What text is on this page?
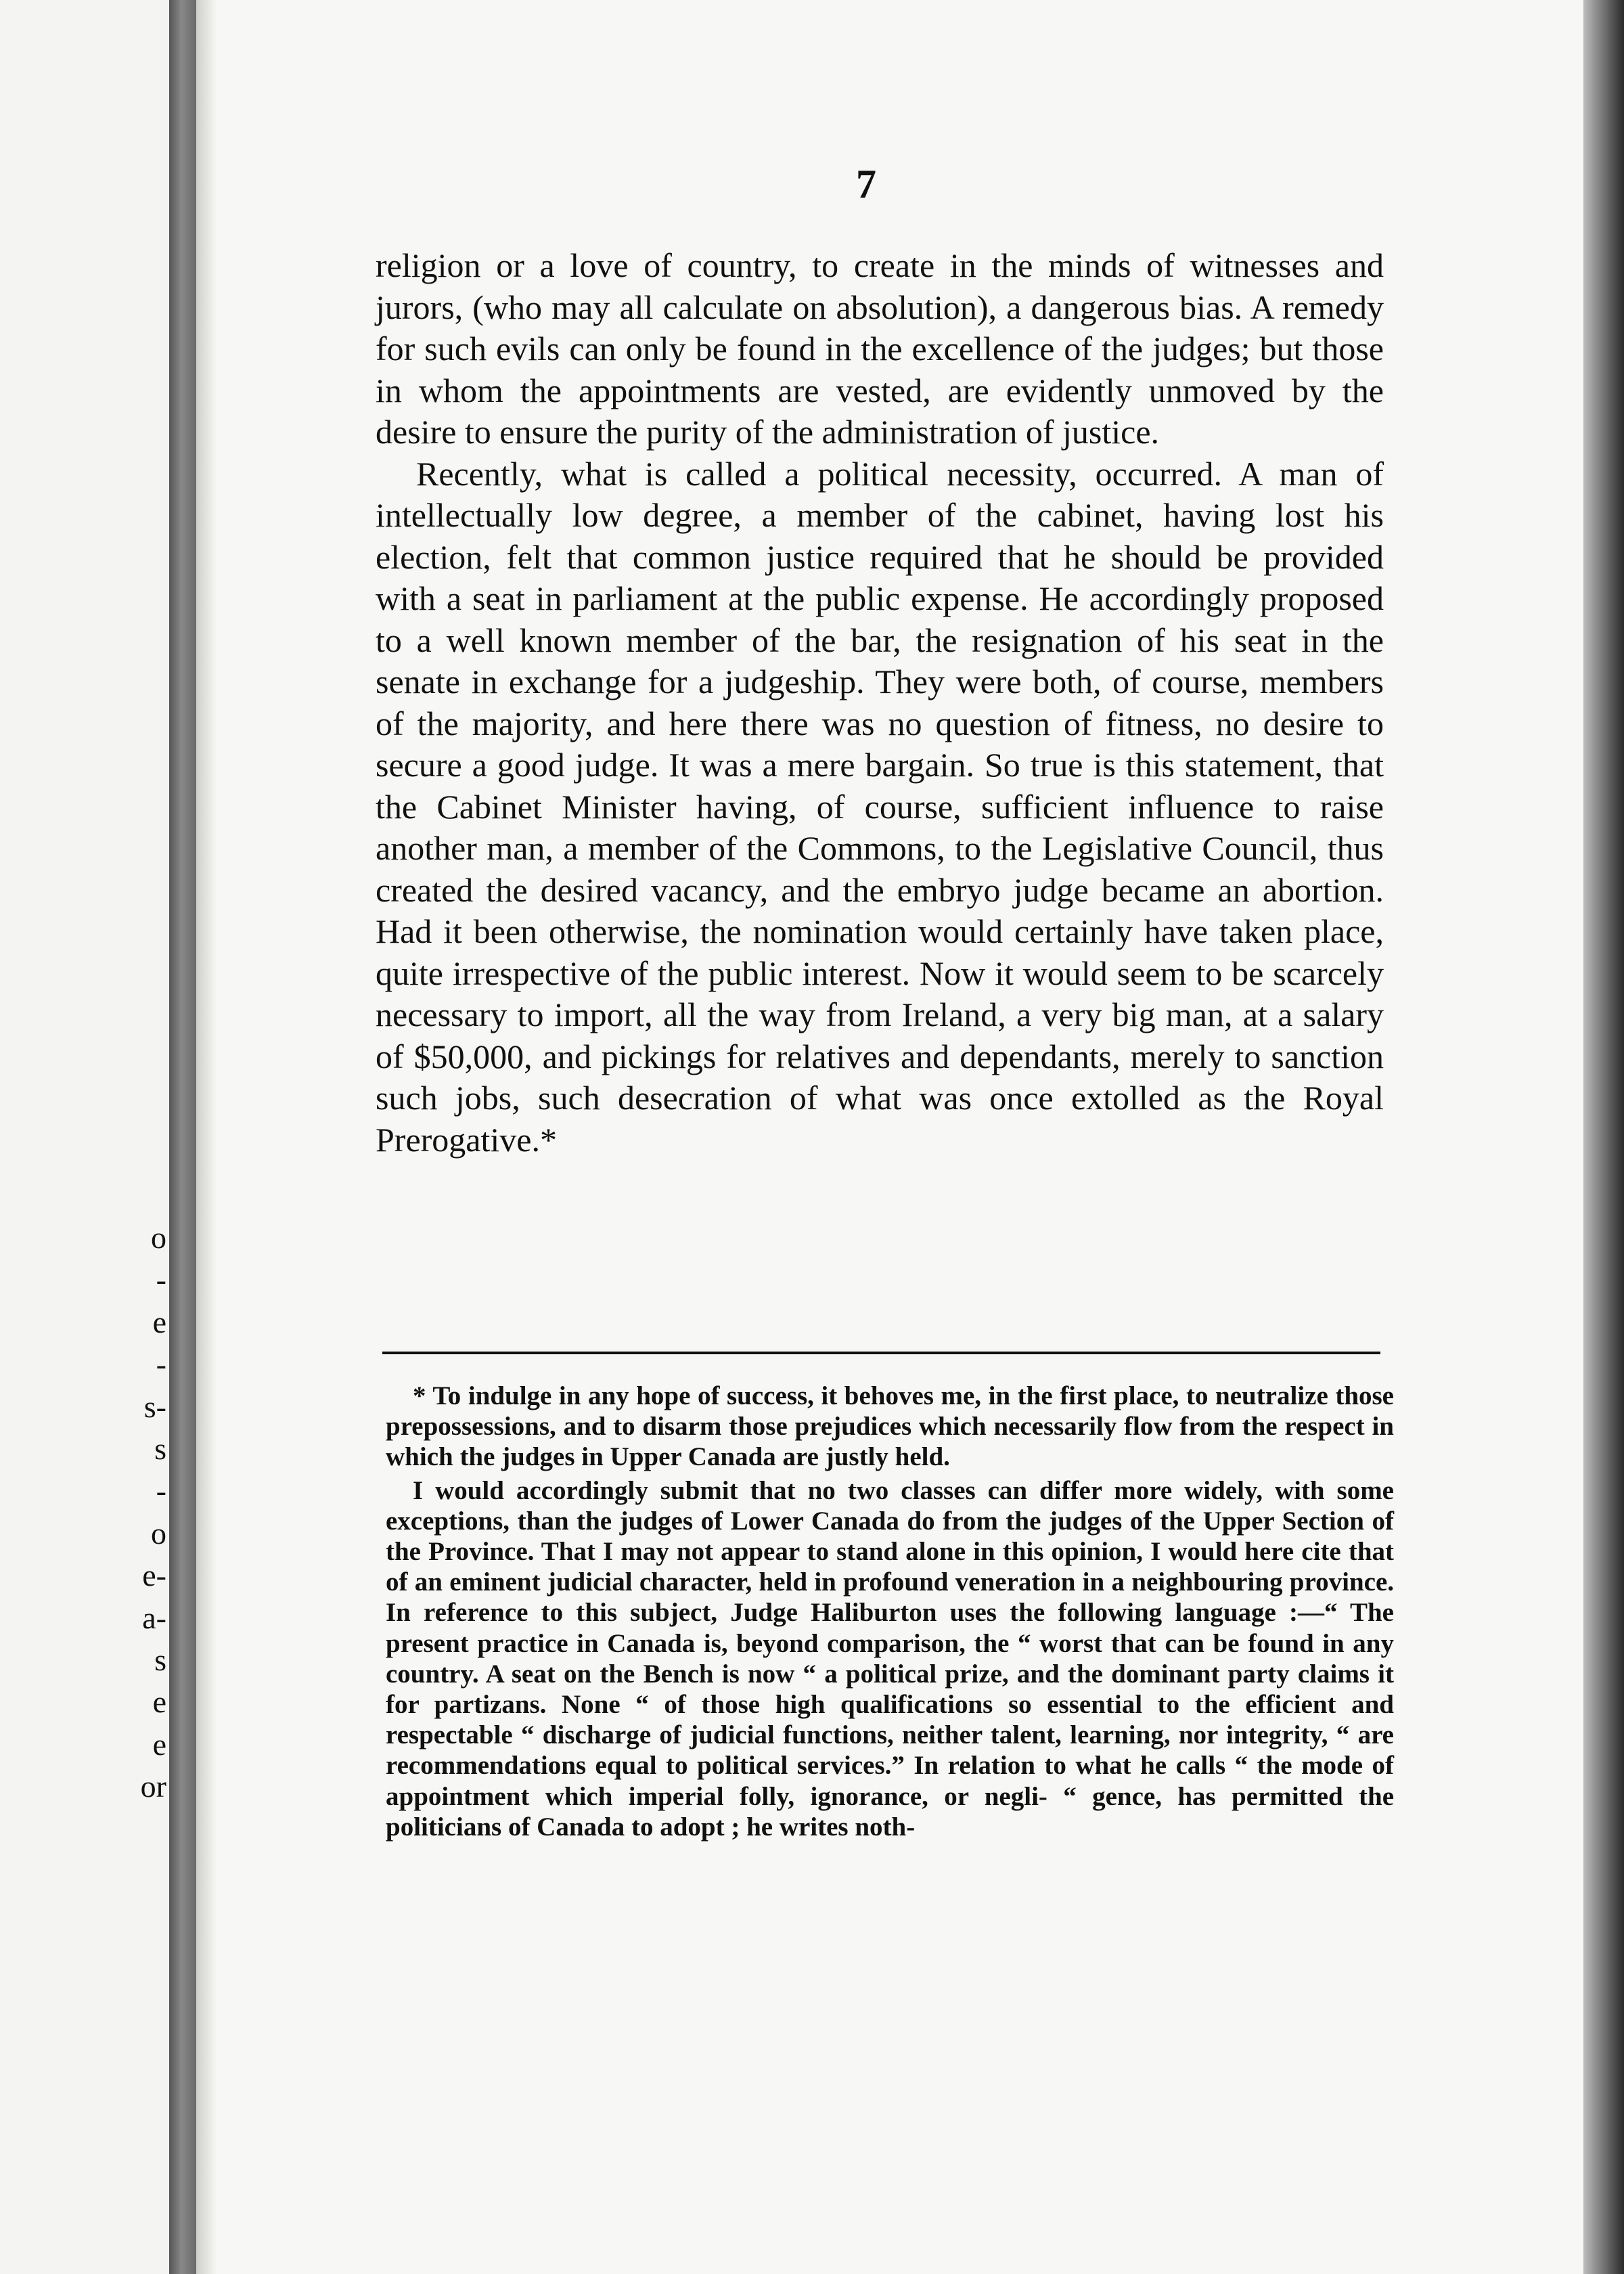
o
-
e
-
s-
s
-
o
e-
a-
s
e
e
or
7

religion or a love of country, to create in the minds of witnesses and jurors, (who may all calculate on absolution), a dangerous bias. A remedy for such evils can only be found in the excellence of the judges; but those in whom the appointments are vested, are evidently unmoved by the desire to ensure the purity of the administration of justice.

Recently, what is called a political necessity, occurred. A man of intellectually low degree, a member of the cabinet, having lost his election, felt that common justice required that he should be provided with a seat in parliament at the public expense. He accordingly proposed to a well known member of the bar, the resignation of his seat in the senate in exchange for a judgeship. They were both, of course, members of the majority, and here there was no question of fitness, no desire to secure a good judge. It was a mere bargain. So true is this statement, that the Cabinet Minister having, of course, sufficient influence to raise another man, a member of the Commons, to the Legislative Council, thus created the desired vacancy, and the embryo judge became an abortion. Had it been otherwise, the nomination would certainly have taken place, quite irrespective of the public interest. Now it would seem to be scarcely necessary to import, all the way from Ireland, a very big man, at a salary of $50,000, and pickings for relatives and dependants, merely to sanction such jobs, such desecration of what was once extolled as the Royal Prerogative.*

* To indulge in any hope of success, it behoves me, in the first place, to neutralize those prepossessions, and to disarm those prejudices which necessarily flow from the respect in which the judges in Upper Canada are justly held.

I would accordingly submit that no two classes can differ more widely, with some exceptions, than the judges of Lower Canada do from the judges of the Upper Section of the Province. That I may not appear to stand alone in this opinion, I would here cite that of an eminent judicial character, held in profound veneration in a neighbouring province. In reference to this subject, Judge Haliburton uses the following language :—“ The present practice in Canada is, beyond comparison, the “ worst that can be found in any country. A seat on the Bench is now “ a political prize, and the dominant party claims it for partizans. None “ of those high qualifications so essential to the efficient and respectable “ discharge of judicial functions, neither talent, learning, nor integrity, “ are recommendations equal to political services.” In relation to what he calls “ the mode of appointment which imperial folly, ignorance, or negli- “ gence, has permitted the politicians of Canada to adopt ; he writes noth-
